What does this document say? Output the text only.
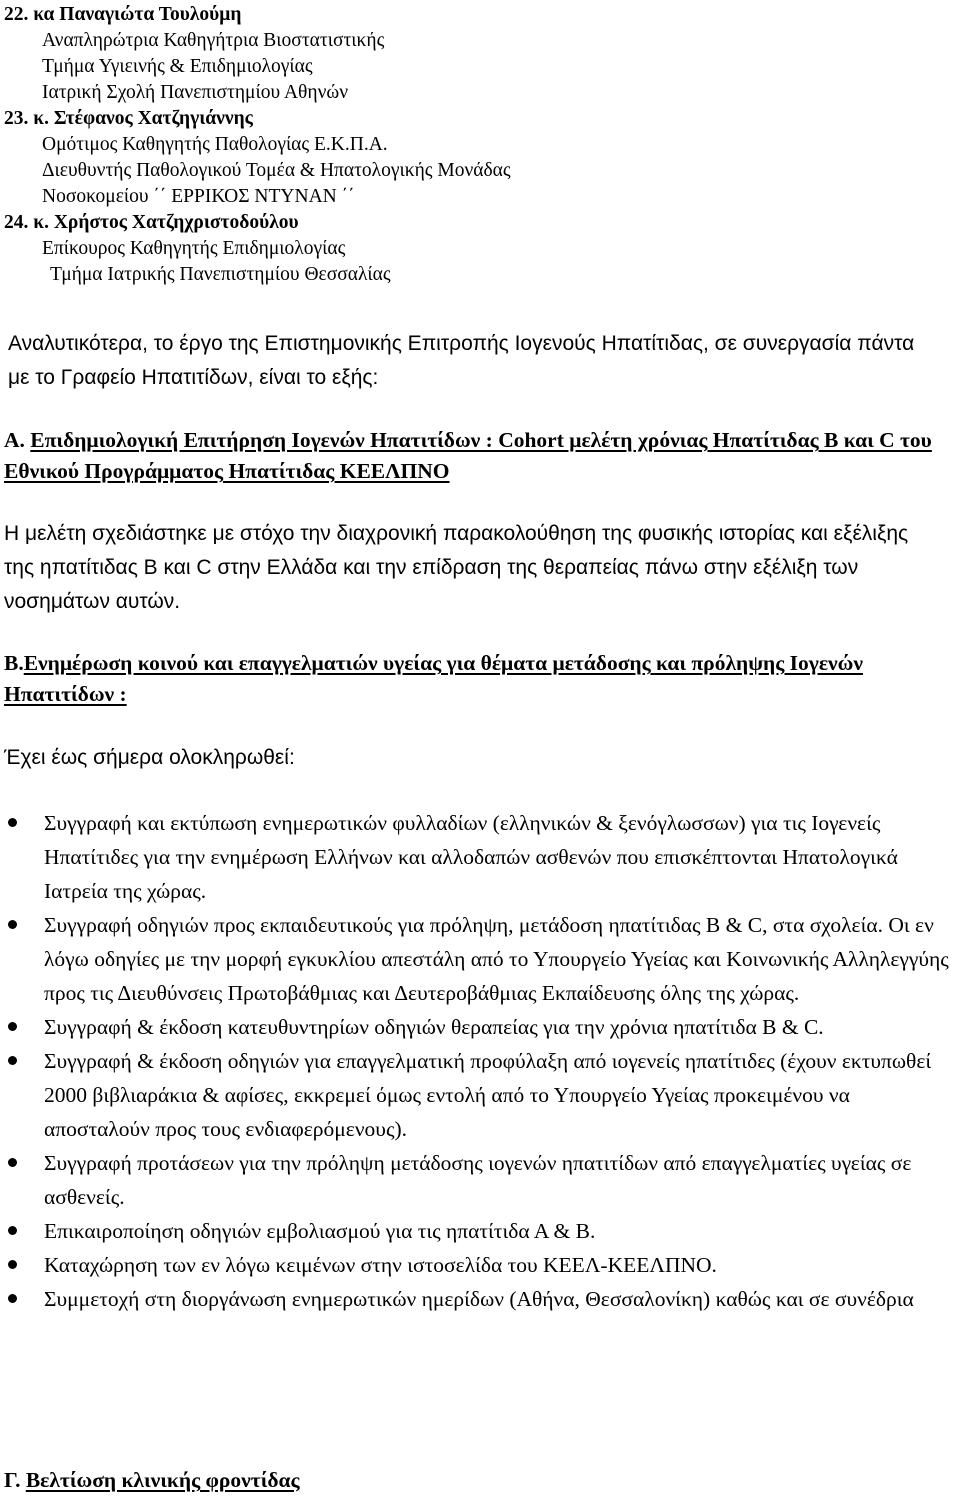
22. κα Παναγιώτα Τουλούμη
Αναπληρώτρια Καθηγήτρια Βιοστατιστικής
Τμήμα Υγιεινής & Επιδημιολογίας
Ιατρική Σχολή Πανεπιστημίου Αθηνών
23. κ. Στέφανος Χατζηγιάννης
Ομότιμος Καθηγητής Παθολογίας Ε.Κ.Π.Α.
Διευθυντής Παθολογικού Τομέα & Ηπατολογικής Μονάδας
Νοσοκομείου ΄΄ ΕΡΡΙΚΟΣ ΝΤΥΝΑΝ ΄΄
24. κ. Χρήστος Χατζηχριστοδούλου
Επίκουρος Καθηγητής Επιδημιολογίας
Τμήμα Ιατρικής Πανεπιστημίου Θεσσαλίας

Αναλυτικότερα, το έργο της Επιστημονικής Επιτροπής Ιογενούς Ηπατίτιδας, σε συνεργασία πάντα με το Γραφείο Ηπατιτίδων, είναι το εξής:

Α. Επιδημιολογική Επιτήρηση Ιογενών Ηπατιτίδων : Cohort μελέτη χρόνιας Ηπατίτιδας Β και C του Εθνικού Προγράμματος Ηπατίτιδας ΚΕΕΛΠΝΟ

Η μελέτη σχεδιάστηκε με στόχο την διαχρονική παρακολούθηση της φυσικής ιστορίας και εξέλιξης της ηπατίτιδας Β και C στην Ελλάδα και την επίδραση της θεραπείας πάνω στην εξέλιξη των νοσημάτων αυτών.

Β.Ενημέρωση κοινού και επαγγελματιών υγείας για θέματα μετάδοσης και πρόληψης Ιογενών Ηπατιτίδων :

Έχει έως σήμερα ολοκληρωθεί:

Συγγραφή και εκτύπωση ενημερωτικών φυλλαδίων (ελληνικών & ξενόγλωσσων) για τις Ιογενείς Ηπατίτιδες για την ενημέρωση Ελλήνων και αλλοδαπών ασθενών που επισκέπτονται Ηπατολογικά Ιατρεία της χώρας.
Συγγραφή οδηγιών προς εκπαιδευτικούς για πρόληψη, μετάδοση ηπατίτιδας Β & C, στα σχολεία. Οι εν λόγω οδηγίες με την μορφή εγκυκλίου απεστάλη από το Υπουργείο Υγείας και Κοινωνικής Αλληλεγγύης προς τις Διευθύνσεις Πρωτοβάθμιας και Δευτεροβάθμιας Εκπαίδευσης όλης της χώρας.
Συγγραφή & έκδοση κατευθυντηρίων οδηγιών θεραπείας για την χρόνια ηπατίτιδα Β & C.
Συγγραφή & έκδοση οδηγιών για επαγγελματική προφύλαξη από ιογενείς ηπατίτιδες (έχουν εκτυπωθεί 2000 βιβλιαράκια & αφίσες, εκκρεμεί όμως εντολή από το Υπουργείο Υγείας προκειμένου να αποσταλούν προς τους ενδιαφερόμενους).
Συγγραφή προτάσεων για την πρόληψη μετάδοσης ιογενών ηπατιτίδων από επαγγελματίες υγείας σε ασθενείς.
Επικαιροποίηση οδηγιών εμβολιασμού για τις ηπατίτιδα Α & Β.
Καταχώρηση των εν λόγω κειμένων στην ιστοσελίδα του ΚΕΕΛ-ΚΕΕΛΠΝΟ.
Συμμετοχή στη διοργάνωση ενημερωτικών ημερίδων (Αθήνα, Θεσσαλονίκη) καθώς και σε συνέδρια
Γ. Βελτίωση κλινικής φροντίδας
